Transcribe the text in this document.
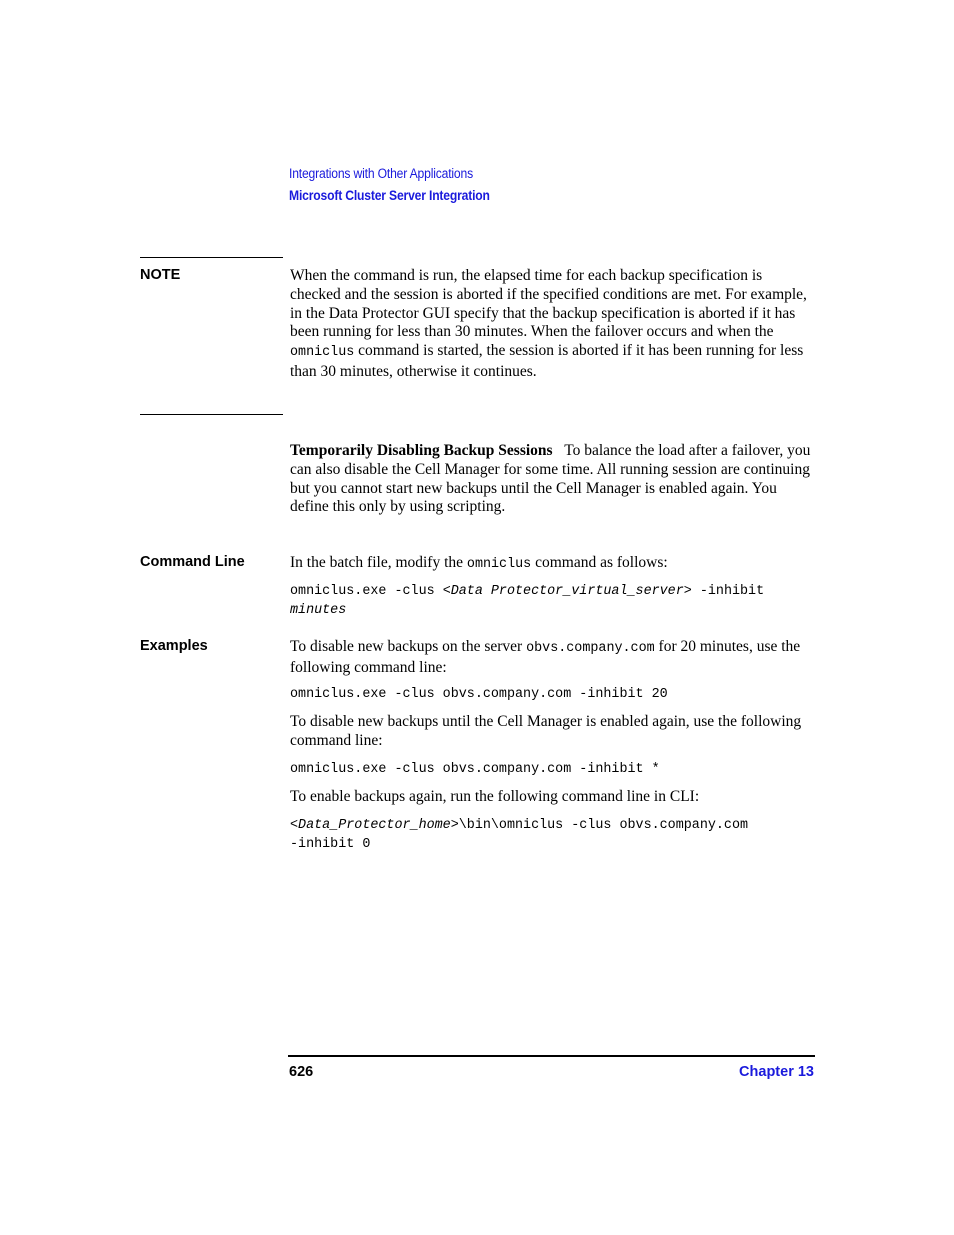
Integrations with Other Applications
Microsoft Cluster Server Integration
NOTE	When the command is run, the elapsed time for each backup specification is checked and the session is aborted if the specified conditions are met. For example, in the Data Protector GUI specify that the backup specification is aborted if it has been running for less than 30 minutes. When the failover occurs and when the omniclus command is started, the session is aborted if it has been running for less than 30 minutes, otherwise it continues.
Temporarily Disabling Backup Sessions To balance the load after a failover, you can also disable the Cell Manager for some time. All running session are continuing but you cannot start new backups until the Cell Manager is enabled again. You define this only by using scripting.
Command Line	In the batch file, modify the omniclus command as follows:
omniclus.exe -clus <Data Protector_virtual_server> -inhibit
minutes
Examples	To disable new backups on the server obvs.company.com for 20 minutes, use the following command line:
omniclus.exe -clus obvs.company.com -inhibit 20
To disable new backups until the Cell Manager is enabled again, use the following command line:
omniclus.exe -clus obvs.company.com -inhibit *
To enable backups again, run the following command line in CLI:
<Data_Protector_home>\bin\omniclus -clus obvs.company.com
-inhibit 0
626	Chapter 13
